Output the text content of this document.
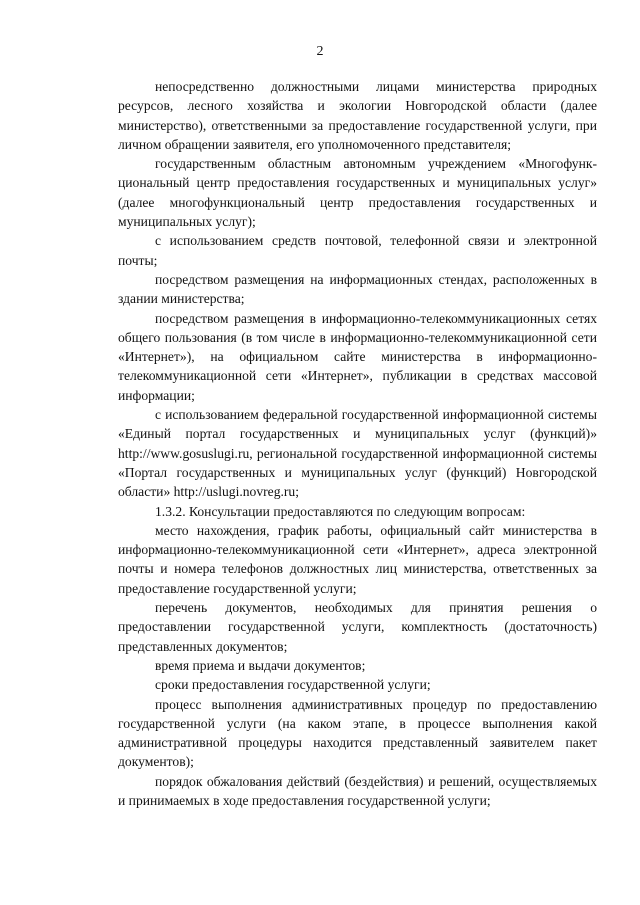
2

непосредственно должностными лицами министерства природных ресурсов, лесного хозяйства и экологии Новгородской области (далее министерство), ответственными за предоставление государственной услуги, при личном обращении заявителя, его уполномоченного представителя;

государственным областным автономным учреждением «Многофунк-циональный центр предоставления государственных и муниципальных услуг» (далее многофункциональный центр предоставления государственных и муниципальных услуг);

с использованием средств почтовой, телефонной связи и электронной почты;

посредством размещения на информационных стендах, расположенных в здании министерства;

посредством размещения в информационно-телекоммуникационных сетях общего пользования (в том числе в информационно-телекоммуникационной сети «Интернет»), на официальном сайте министерства в информационно-телекоммуникационной сети «Интернет», публикации в средствах массовой информации;

с использованием федеральной государственной информационной системы «Единый портал государственных и муниципальных услуг (функций)» http://www.gosuslugi.ru, региональной государственной информационной системы «Портал государственных и муниципальных услуг (функций) Новгородской области» http://uslugi.novreg.ru;

1.3.2. Консультации предоставляются по следующим вопросам:

место нахождения, график работы, официальный сайт министерства в информационно-телекоммуникационной сети «Интернет», адреса электронной почты и номера телефонов должностных лиц министерства, ответственных за предоставление государственной услуги;

перечень документов, необходимых для принятия решения о предоставлении государственной услуги, комплектность (достаточность) представленных документов;

время приема и выдачи документов;

сроки предоставления государственной услуги;

процесс выполнения административных процедур по предоставлению государственной услуги (на каком этапе, в процессе выполнения какой административной процедуры находится представленный заявителем пакет документов);

порядок обжалования действий (бездействия) и решений, осуществляемых и принимаемых в ходе предоставления государственной услуги;
